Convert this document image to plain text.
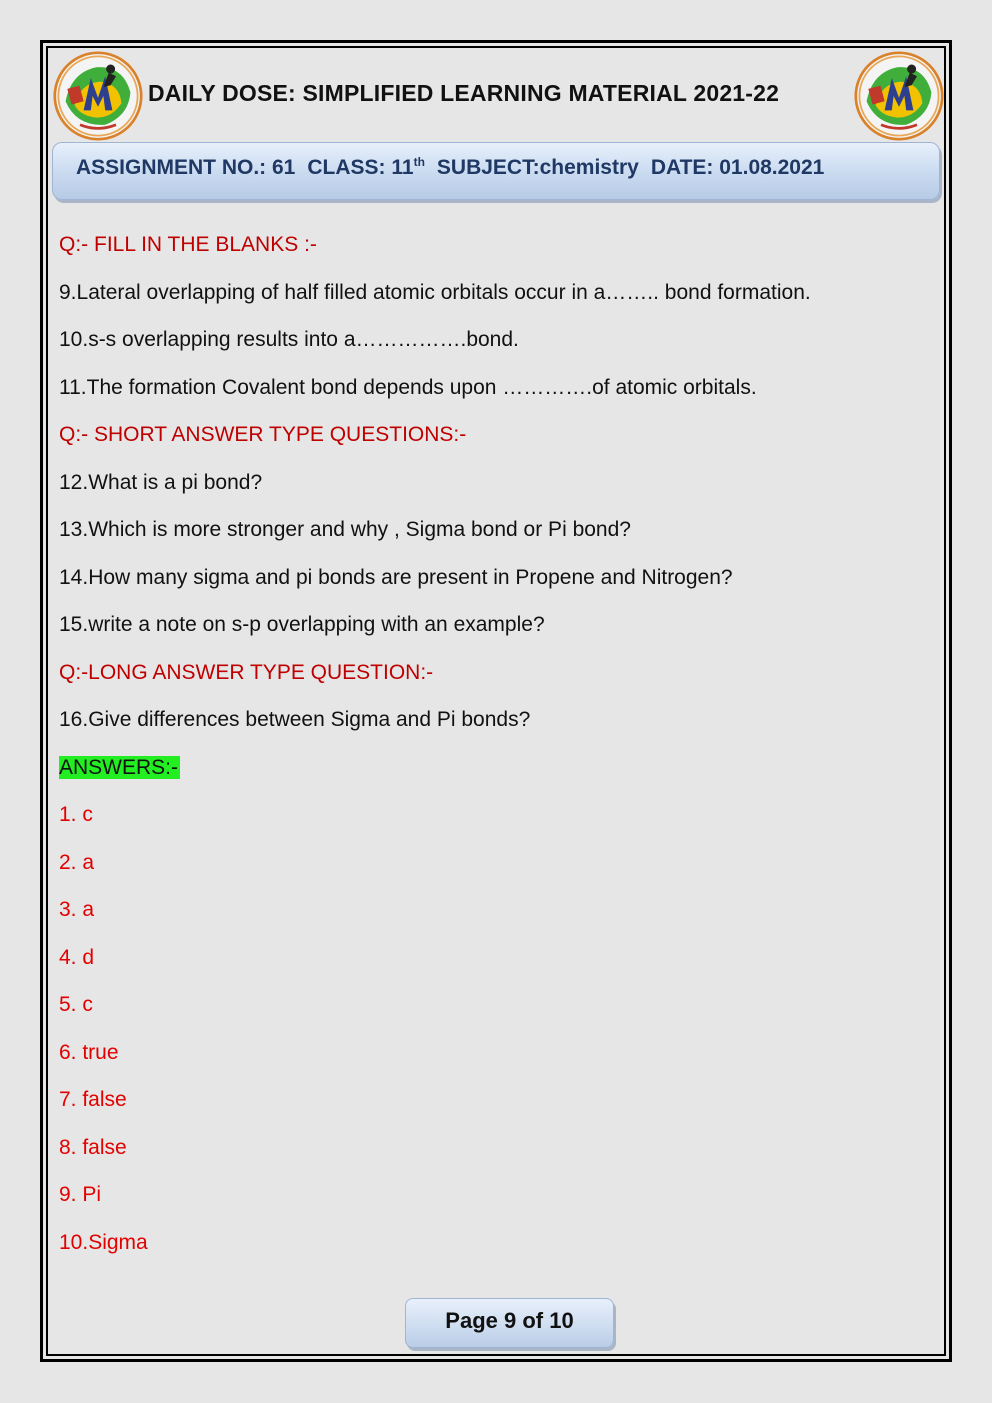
DAILY DOSE: SIMPLIFIED LEARNING MATERIAL 2021-22
ASSIGNMENT NO.: 61 CLASS: 11th SUBJECT:chemistry DATE: 01.08.2021
Q:- FILL IN THE BLANKS :-
9.Lateral overlapping of half filled atomic orbitals occur in a…….. bond formation.
10.s-s overlapping results into a…………….bond.
11.The formation Covalent bond depends upon ………….of atomic orbitals.
Q:- SHORT ANSWER TYPE QUESTIONS:-
12.What is a pi bond?
13.Which is more stronger and why , Sigma bond or Pi bond?
14.How many sigma and pi bonds are present in Propene and Nitrogen?
15.write a note on s-p overlapping with an example?
Q:-LONG ANSWER TYPE QUESTION:-
16.Give differences between Sigma and Pi bonds?
ANSWERS:-
1. c
2. a
3. a
4. d
5. c
6. true
7. false
8. false
9. Pi
10.Sigma
Page 9 of 10
